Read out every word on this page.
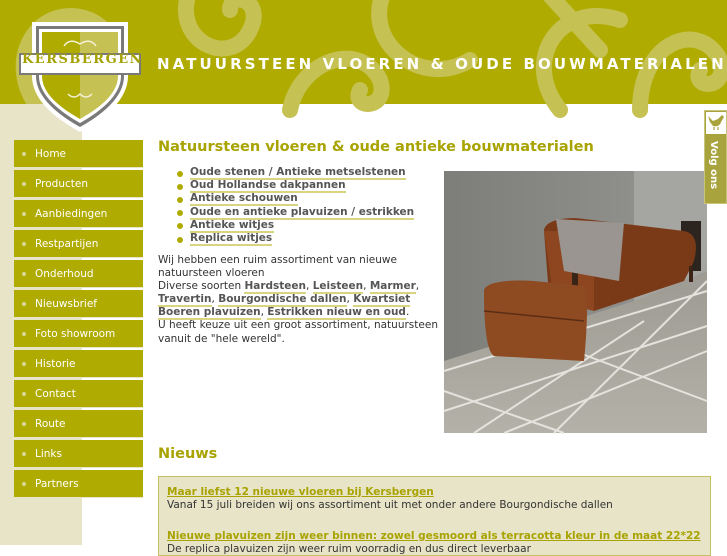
NATUURSTEEN VLOEREN & OUDE BOUWMATERIALEN
KERSBERGEN
Home
Producten
Aanbiedingen
Restpartijen
Onderhoud
Nieuwsbrief
Foto showroom
Historie
Contact
Route
Links
Partners
Natuursteen vloeren & oude antieke bouwmaterialen
Oude stenen / Antieke metselstenen
Oud Hollandse dakpannen
Antieke schouwen
Oude en antieke plavuizen / estrikken
Antieke witjes
Replica witjes
Wij hebben een ruim assortiment van nieuwe natuursteen vloeren
Diverse soorten Hardsteen, Leisteen, Marmer, Travertin, Bourgondische dallen, Kwartsiet Boeren plavuizen, Estrikken nieuw en oud.
U heeft keuze uit een groot assortiment, natuursteen vanuit de "hele wereld".
Volg ons
Nieuws
Maar liefst 12 nieuwe vloeren bij Kersbergen
Vanaf 15 juli breiden wij ons assortiment uit met onder andere Bourgondische dallen
Nieuwe plavuizen zijn weer binnen: zowel gesmoord als terracotta kleur in de maat 22*22
De replica plavuizen zijn weer ruim voorradig en dus direct leverbaar
